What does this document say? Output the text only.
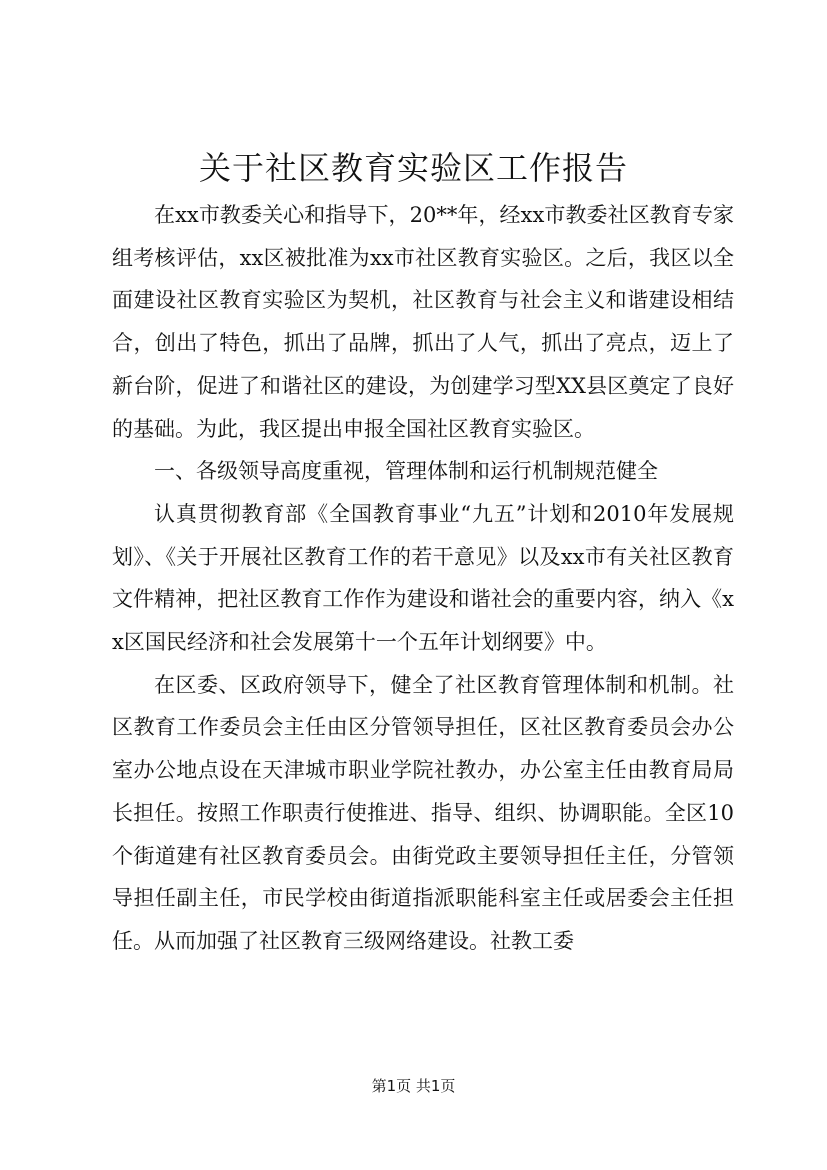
关于社区教育实验区工作报告

在xx市教委关心和指导下，20**年，经xx市教委社区教育专家组考核评估，xx区被批准为xx市社区教育实验区。之后，我区以全面建设社区教育实验区为契机，社区教育与社会主义和谐建设相结合，创出了特色，抓出了品牌，抓出了人气，抓出了亮点，迈上了新台阶，促进了和谐社区的建设，为创建学习型XX县区奠定了良好的基础。为此，我区提出申报全国社区教育实验区。

一、各级领导高度重视，管理体制和运行机制规范健全

认真贯彻教育部《全国教育事业“九五”计划和2010年发展规划》、《关于开展社区教育工作的若干意见》以及xx市有关社区教育文件精神，把社区教育工作作为建设和谐社会的重要内容，纳入《xx区国民经济和社会发展第十一个五年计划纲要》中。

在区委、区政府领导下，健全了社区教育管理体制和机制。社区教育工作委员会主任由区分管领导担任，区社区教育委员会办公室办公地点设在天津城市职业学院社教办，办公室主任由教育局局长担任。按照工作职责行使推进、指导、组织、协调职能。全区10个街道建有社区教育委员会。由街党政主要领导担任主任，分管领导担任副主任，市民学校由街道指派职能科室主任或居委会主任担任。从而加强了社区教育三级网络建设。社教工委

第1页 共1页
